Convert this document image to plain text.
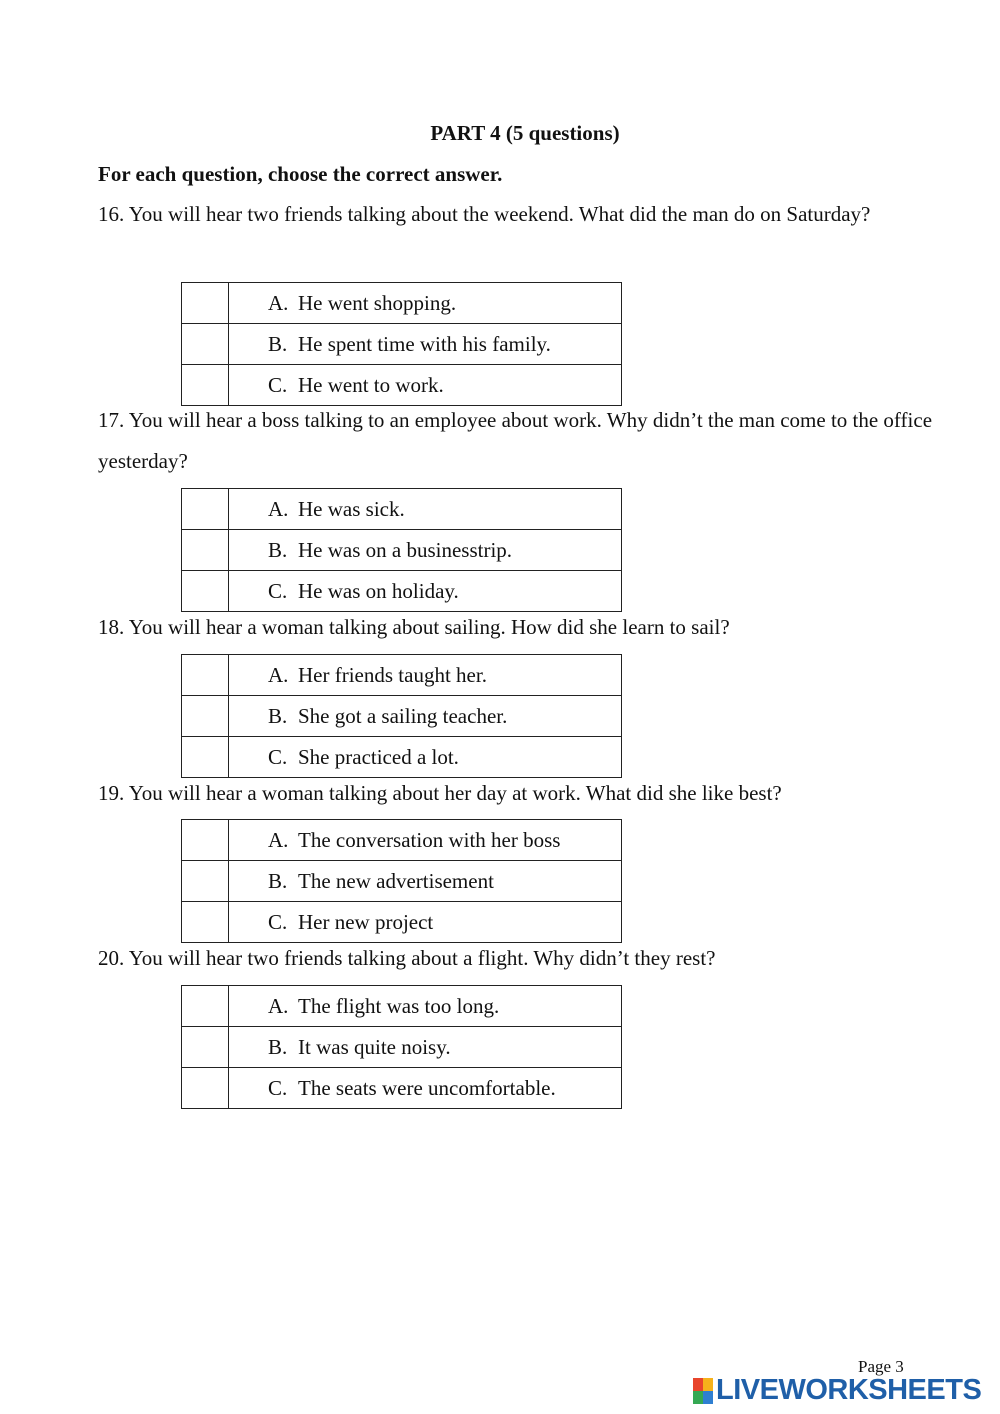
PART 4 (5 questions)
For each question, choose the correct answer.
16. You will hear two friends talking about the weekend. What did the man do on Saturday?
	A. He went shopping.
	B. He spent time with his family.
	C. He went to work.
17. You will hear a boss talking to an employee about work. Why didn’t the man come to the office yesterday?
	A. He was sick.
	B. He was on a businesstrip.
	C. He was on holiday.
18. You will hear a woman talking about sailing. How did she learn to sail?
	A. Her friends taught her.
	B. She got a sailing teacher.
	C. She practiced a lot.
19. You will hear a woman talking about her day at work. What did she like best?
	A. The conversation with her boss
	B. The new advertisement
	C. Her new project
20. You will hear two friends talking about a flight. Why didn’t they rest?
	A. The flight was too long.
	B. It was quite noisy.
	C. The seats were uncomfortable.
Page 3
LIVEWORKSHEETS
